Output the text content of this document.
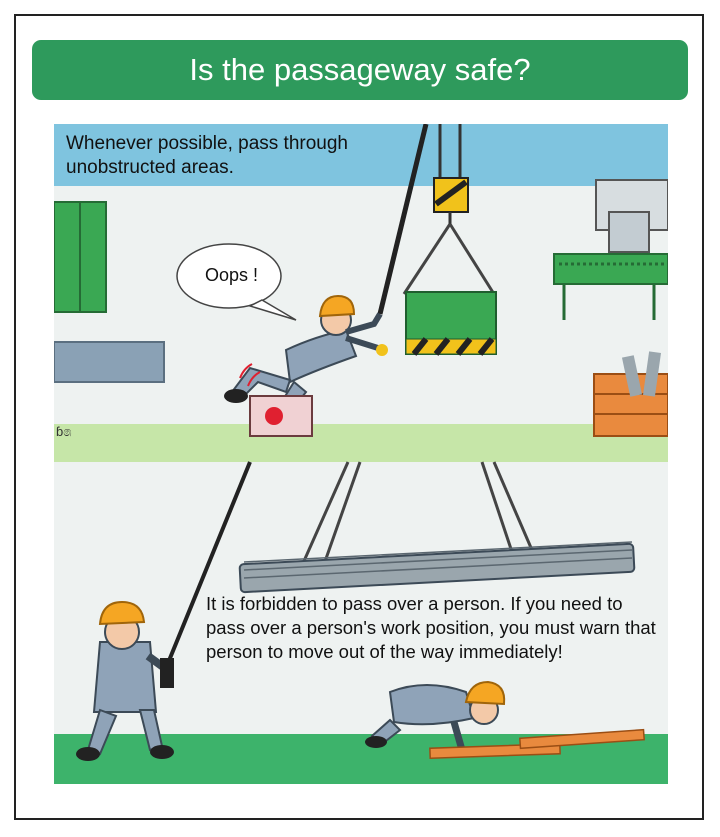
Is the passageway safe?
Whenever possible, pass through unobstructed areas.
Oops !
ɓ෧
It is forbidden to pass over a person. If you need to pass over a person's work position, you must warn that person to move out of the way immediately!
